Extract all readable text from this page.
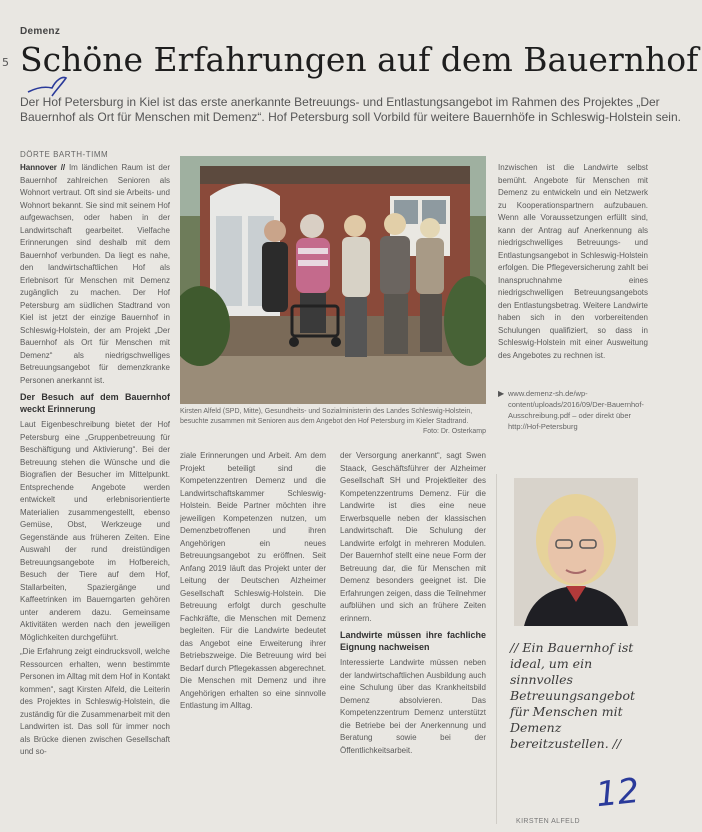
5
Demenz
Schöne Erfahrungen auf dem Bauernhof

Der Hof Petersburg in Kiel ist das erste anerkannte Betreuungs- und Entlastungsangebot im Rahmen des Projektes „Der Bauernhof als Ort für Menschen mit Demenz“. Hof Petersburg soll Vorbild für weitere Bauernhöfe in Schleswig-Holstein sein.

DÖRTE BARTH-TIMM

Hannover // Im ländlichen Raum ist der Bauernhof zahlreichen Senioren als Wohnort vertraut. Oft sind sie Arbeits- und Wohnort bekannt. Sie sind mit seinem Hof aufgewachsen, oder haben in der Landwirtschaft gearbeitet. Vielfache Erinnerungen sind deshalb mit dem Bauernhof verbunden. Da liegt es nahe, den landwirtschaftlichen Hof als Erlebnisort für Menschen mit Demenz zugänglich zu machen. Der Hof Petersburg am südlichen Stadtrand von Kiel ist jetzt der einzige Bauernhof in Schleswig-Holstein, der am Projekt „Der Bauernhof als Ort für Menschen mit Demenz“ als niedrigschwelliges Betreuungsangebot für demenzkranke Personen anerkannt ist.

Der Besuch auf dem Bauernhof weckt Erinnerung

Laut Eigenbeschreibung bietet der Hof Petersburg eine „Gruppenbetreuung für Beschäftigung und Aktivierung“. Bei der Betreuung stehen die Wünsche und die Biografien der Besucher im Mittelpunkt. Entsprechende Angebote werden entwickelt und erlebnisorientierte Materialien zusammengestellt, ebenso Gemüse, Obst, Werkzeuge und Gegenstände aus früheren Zeiten. Eine Auswahl der rund dreistündigen Betreuungsangebote im Hofbereich, Besuch der Tiere auf dem Hof, Stallarbeiten, Spaziergänge und Kaffeetrinken im Bauerngarten gehören unter anderem dazu. Gemeinsame Aktivitäten werden nach den jeweiligen Möglichkeiten durchgeführt.

„Die Erfahrung zeigt eindrucksvoll, welche Ressourcen erhalten, wenn bestimmte Personen im Alltag mit dem Hof in Kontakt kommen“, sagt Kirsten Alfeld, die Leiterin des Projektes in Schleswig-Holstein, die zuständig für die Zusammenarbeit mit den Landwirten ist. Das soll für immer noch als Brücke dienen zwischen Gesellschaft und so-

Kirsten Alfeld (SPD, Mitte), Gesundheits- und Sozialministerin des Landes Schleswig-Holstein, besuchte zusammen mit Senioren aus dem Angebot den Hof Petersburg im Kieler Stadtrand.
Foto: Dr. Osterkamp

ziale Erinnerungen und Arbeit. Am dem Projekt beteiligt sind die Kompetenzzentren Demenz und die Landwirtschaftskammer Schleswig-Holstein. Beide Partner möchten ihre jeweiligen Kompetenzen nutzen, um Demenzbetroffenen und ihren Angehörigen ein neues Betreuungsangebot zu eröffnen. Seit Anfang 2019 läuft das Projekt unter der Leitung der Deutschen Alzheimer Gesellschaft Schleswig-Holstein. Die Betreuung erfolgt durch geschulte Fachkräfte, die Menschen mit Demenz begleiten. Für die Landwirte bedeutet das Angebot eine Erweiterung ihrer Betriebszweige. Die Betreuung wird bei Bedarf durch Pflegekassen abgerechnet. Die Menschen mit Demenz und ihre Angehörigen erhalten so eine sinnvolle Entlastung im Alltag.

der Versorgung anerkannt“, sagt Swen Staack, Geschäftsführer der Alzheimer Gesellschaft SH und Projektleiter des Kompetenzzentrums Demenz. Für die Landwirte ist dies eine neue Erwerbsquelle neben der klassischen Landwirtschaft. Die Schulung der Landwirte erfolgt in mehreren Modulen. Der Bauernhof stellt eine neue Form der Betreuung dar, die für Menschen mit Demenz besonders geeignet ist. Die Erfahrungen zeigen, dass die Teilnehmer aufblühen und sich an frühere Zeiten erinnern.

Landwirte müssen ihre fachliche Eignung nachweisen

Interessierte Landwirte müssen neben der landwirtschaftlichen Ausbildung auch eine Schulung über das Krankheitsbild Demenz absolvieren. Das Kompetenzzentrum Demenz unterstützt die Betriebe bei der Anerkennung und Beratung sowie bei der Öffentlichkeitsarbeit.

Inzwischen ist die Landwirte selbst bemüht. Angebote für Menschen mit Demenz zu entwickeln und ein Netzwerk zu Kooperationspartnern aufzubauen. Wenn alle Voraussetzungen erfüllt sind, kann der Antrag auf Anerkennung als niedrigschwelliges Betreuungs- und Entlastungsangebot in Schleswig-Holstein erfolgen. Die Pflegeversicherung zahlt bei Inanspruchnahme eines niedrigschwelligen Betreuungsangebots den Entlastungsbetrag. Weitere Landwirte haben sich in den vorbereitenden Schulungen qualifiziert, so dass in Schleswig-Holstein mit einer Ausweitung des Angebotes zu rechnen ist.

▶ www.demenz-sh.de/wp-content/uploads/2016/09/Der-Bauernhof-Ausschreibung.pdf – oder direkt über http://Hof-Petersburg
// Ein Bauernhof ist ideal, um ein sinnvolles Betreuungsangebot für Menschen mit Demenz bereitzustellen. //
12
KIRSTEN ALFELD
